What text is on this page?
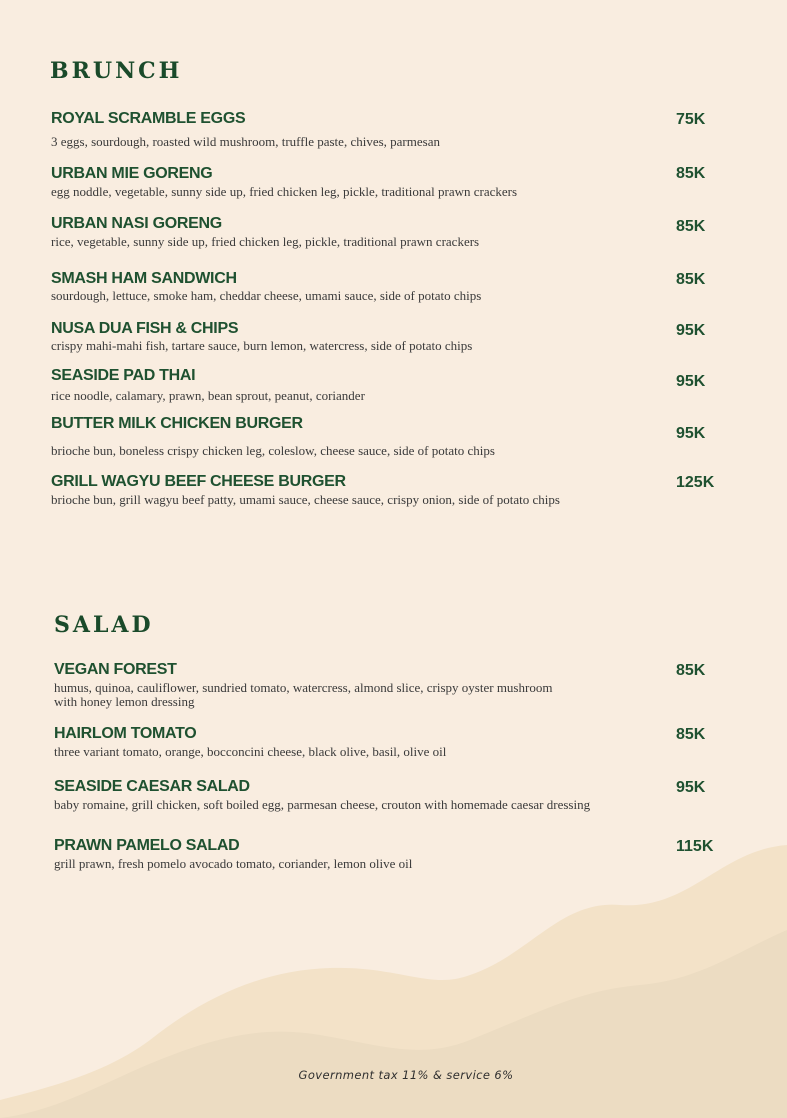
BRUNCH
ROYAL SCRAMBLE EGGS
3 eggs, sourdough, roasted wild mushroom, truffle paste, chives, parmesan
75K
URBAN MIE GORENG
egg noddle, vegetable, sunny side up, fried chicken leg, pickle, traditional prawn crackers
85K
URBAN NASI GORENG
rice, vegetable, sunny side up, fried chicken leg, pickle, traditional prawn crackers
85K
SMASH HAM SANDWICH
sourdough, lettuce, smoke ham, cheddar cheese, umami sauce, side of potato chips
85K
NUSA DUA FISH & CHIPS
crispy mahi-mahi fish, tartare sauce, burn lemon, watercress, side of potato chips
95K
SEASIDE PAD THAI
rice noodle, calamary, prawn, bean sprout, peanut, coriander
95K
BUTTER MILK CHICKEN BURGER
brioche bun, boneless crispy chicken leg, coleslow, cheese sauce, side of potato chips
95K
GRILL WAGYU BEEF CHEESE BURGER
brioche bun, grill wagyu beef patty, umami sauce, cheese sauce, crispy onion, side of potato chips
125K
SALAD
VEGAN FOREST
humus, quinoa, cauliflower, sundried tomato, watercress, almond slice, crispy oyster mushroom
with honey lemon dressing
85K
HAIRLOM TOMATO
three variant tomato, orange, bocconcini cheese, black olive, basil, olive oil
85K
SEASIDE CAESAR SALAD
baby romaine, grill chicken, soft boiled egg, parmesan cheese, crouton with homemade caesar dressing
95K
PRAWN PAMELO SALAD
grill prawn, fresh pomelo avocado tomato, coriander, lemon olive oil
115K
Government tax 11% & service 6%
